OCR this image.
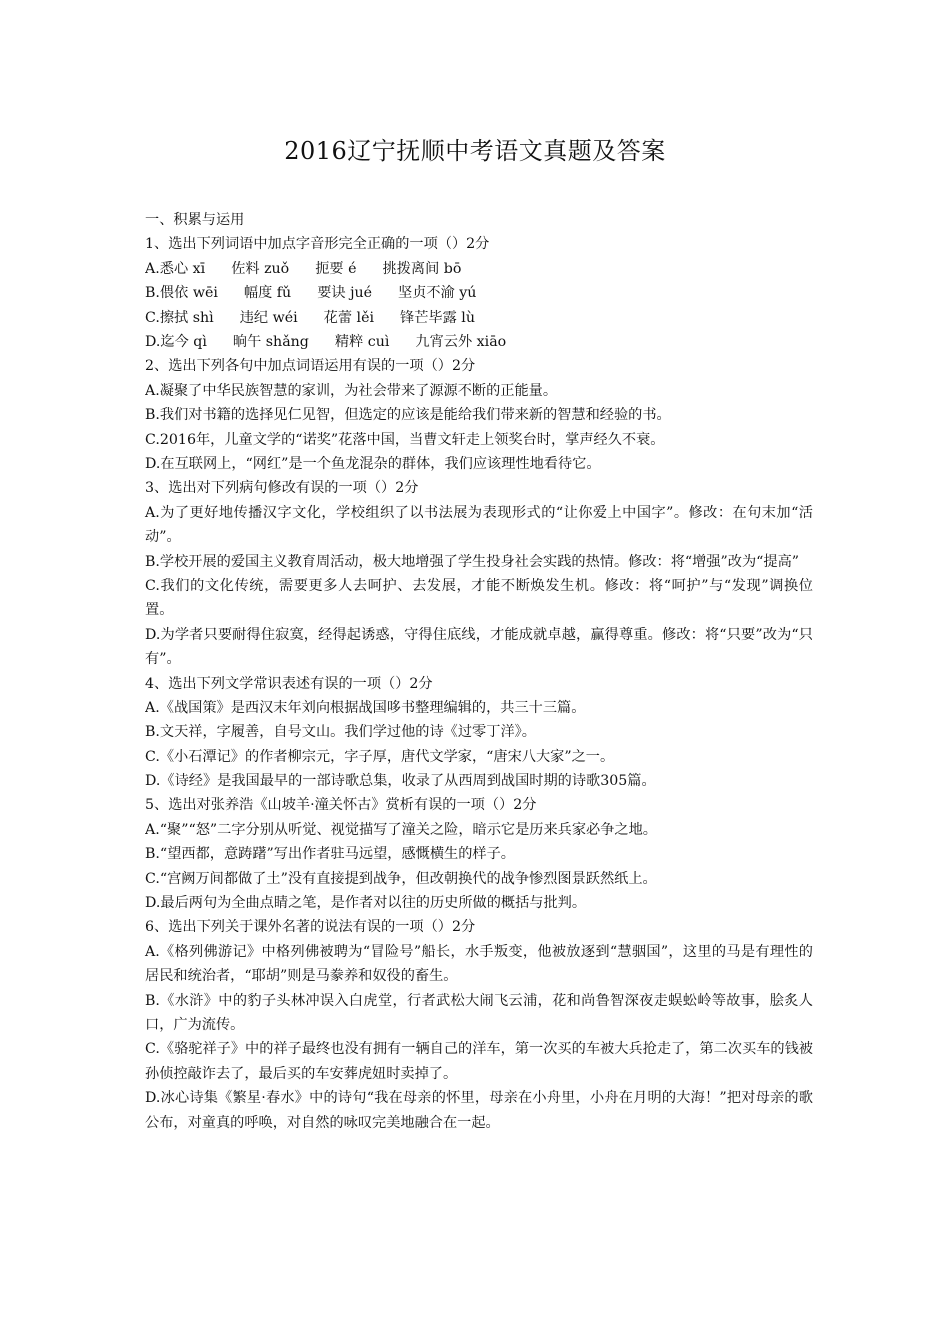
2016辽宁抚顺中考语文真题及答案
一、积累与运用
1、选出下列词语中加点字音形完全正确的一项（）2分
A.悉心 xī 佐料 zuǒ 扼要 é 挑拨离间 bō
B.偎依 wēi 幅度 fǔ 要诀 jué 坚贞不渝 yú
C.擦拭 shì 违纪 wéi 花蕾 lěi 锋芒毕露 lù
D.迄今 qì 晌午 shǎng 精粹 cuì 九宵云外 xiāo
2、选出下列各句中加点词语运用有误的一项（）2分
A.凝聚了中华民族智慧的家训，为社会带来了源源不断的正能量。
B.我们对书籍的选择见仁见智，但选定的应该是能给我们带来新的智慧和经验的书。
C.2016年，儿童文学的“诺奖”花落中国，当曹文轩走上领奖台时，掌声经久不衰。
D.在互联网上，“网红”是一个鱼龙混杂的群体，我们应该理性地看待它。
3、选出对下列病句修改有误的一项（）2分
A.为了更好地传播汉字文化，学校组织了以书法展为表现形式的“让你爱上中国字”。修改：在句末加“活动”。
B.学校开展的爱国主义教育周活动，极大地增强了学生投身社会实践的热情。修改：将“增强”改为“提高”
C.我们的文化传统，需要更多人去呵护、去发展，才能不断焕发生机。修改：将“呵护”与“发现”调换位置。
D.为学者只要耐得住寂寞，经得起诱惑，守得住底线，才能成就卓越，赢得尊重。修改：将“只要”改为“只有”。
4、选出下列文学常识表述有误的一项（）2分
A.《战国策》是西汉末年刘向根据战国哆书整理编辑的，共三十三篇。
B.文天祥，字履善，自号文山。我们学过他的诗《过零丁洋》。
C.《小石潭记》的作者柳宗元，字子厚，唐代文学家，“唐宋八大家”之一。
D.《诗经》是我国最早的一部诗歌总集，收录了从西周到战国时期的诗歌305篇。
5、选出对张养浩《山坡羊·潼关怀古》赏析有误的一项（）2分
A.“聚”“怒”二字分别从听觉、视觉描写了潼关之险，暗示它是历来兵家必争之地。
B.“望西都，意踌躇”写出作者驻马远望，感慨横生的样子。
C.“宫阙万间都做了土”没有直接提到战争，但改朝换代的战争惨烈图景跃然纸上。
D.最后两句为全曲点睛之笔，是作者对以往的历史所做的概括与批判。
6、选出下列关于课外名著的说法有误的一项（）2分
A.《格列佛游记》中格列佛被聘为“冒险号”船长，水手叛变，他被放逐到“慧骃国”，这里的马是有理性的居民和统治者，“耶胡”则是马豢养和奴役的畜生。
B.《水浒》中的豹子头林冲误入白虎堂，行者武松大闹飞云浦，花和尚鲁智深夜走蜈蚣岭等故事，脍炙人口，广为流传。
C.《骆驼祥子》中的祥子最终也没有拥有一辆自己的洋车，第一次买的车被大兵抢走了，第二次买车的钱被孙侦控敲诈去了，最后买的车安葬虎妞时卖掉了。
D.冰心诗集《繁星·春水》中的诗句“我在母亲的怀里，母亲在小舟里，小舟在月明的大海！”把对母亲的歌公布，对童真的呼唤，对自然的咏叹完美地融合在一起。
